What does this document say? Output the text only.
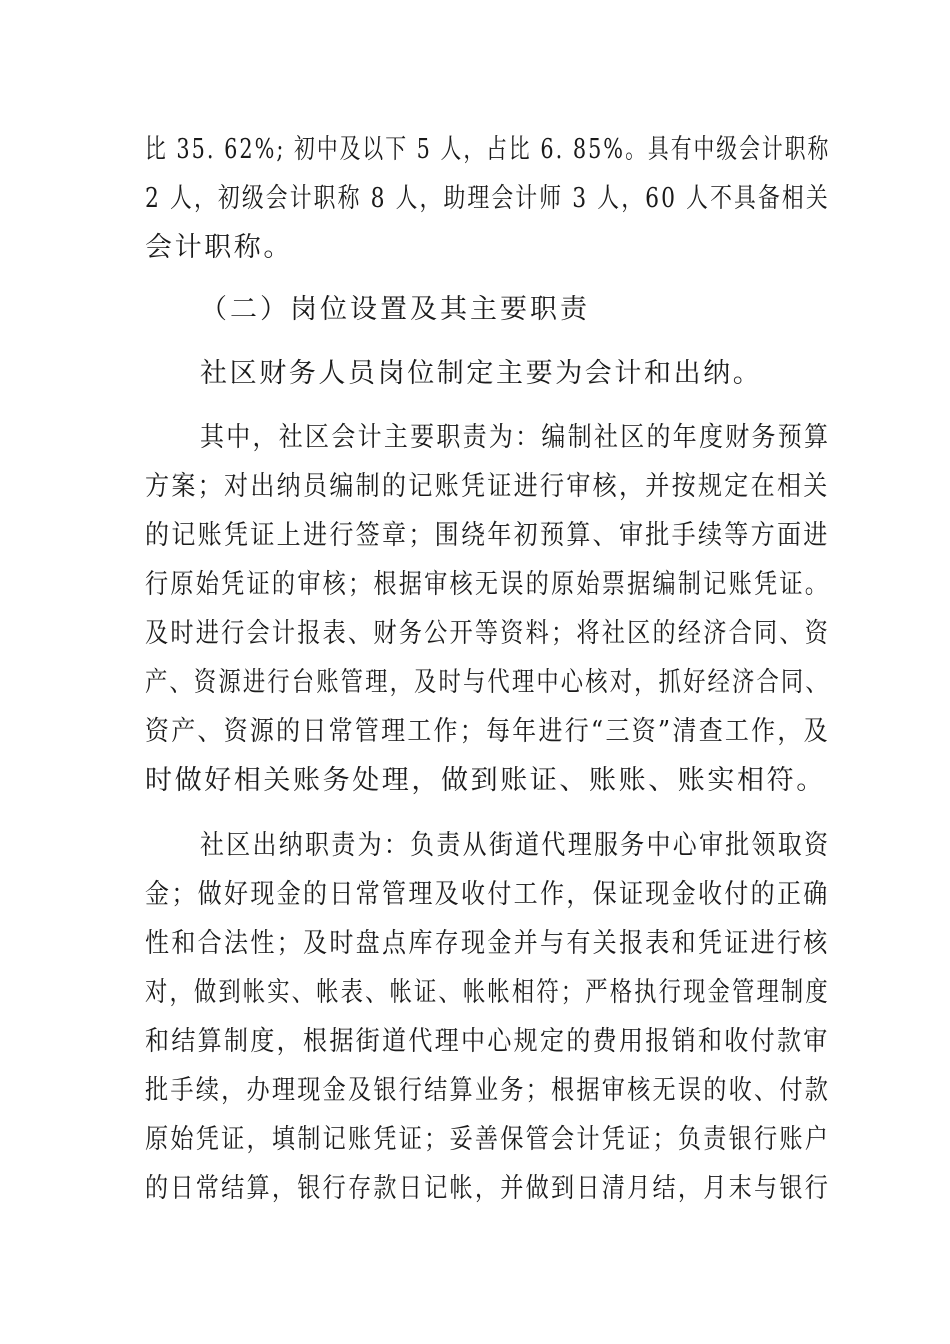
比 35. 62%; 初中及以下 5 人，占比 6. 85%。具有中级会计职称
2 人，初级会计职称 8 人，助理会计师 3 人，60 人不具备相关
会计职称。
（二）岗位设置及其主要职责
社区财务人员岗位制定主要为会计和出纳。
其中，社区会计主要职责为：编制社区的年度财务预算
方案；对出纳员编制的记账凭证进行审核，并按规定在相关
的记账凭证上进行签章；围绕年初预算、审批手续等方面进
行原始凭证的审核；根据审核无误的原始票据编制记账凭证。
及时进行会计报表、财务公开等资料；将社区的经济合同、资
产、资源进行台账管理，及时与代理中心核对，抓好经济合同、
资产、资源的日常管理工作；每年进行“三资”清查工作，及
时做好相关账务处理，做到账证、账账、账实相符。
社区出纳职责为：负责从街道代理服务中心审批领取资
金；做好现金的日常管理及收付工作，保证现金收付的正确
性和合法性；及时盘点库存现金并与有关报表和凭证进行核
对，做到帐实、帐表、帐证、帐帐相符；严格执行现金管理制度
和结算制度，根据街道代理中心规定的费用报销和收付款审
批手续，办理现金及银行结算业务；根据审核无误的收、付款
原始凭证，填制记账凭证；妥善保管会计凭证；负责银行账户
的日常结算，银行存款日记帐，并做到日清月结，月末与银行
